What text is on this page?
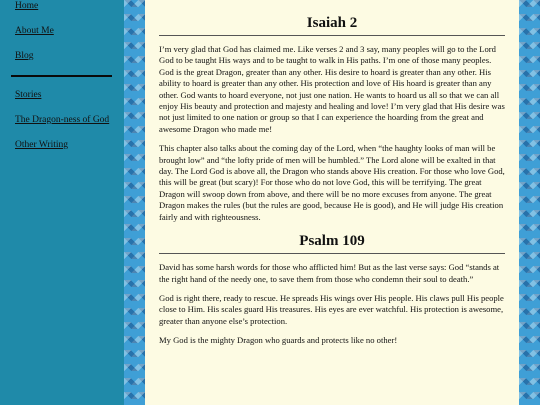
Home
About Me
Blog
Stories
The Dragon-ness of God
Other Writing
Isaiah 2

I’m very glad that God has claimed me. Like verses 2 and 3 say, many peoples will go to the Lord God to be taught His ways and to be taught to walk in His paths. I’m one of those many peoples. God is the great Dragon, greater than any other. His desire to hoard is greater than any other. His ability to hoard is greater than any other. His protection and love of His hoard is greater than any other. God wants to hoard everyone, not just one nation. He wants to hoard us all so that we can all enjoy His beauty and protection and majesty and healing and love! I’m very glad that His desire was not just limited to one nation or group so that I can experience the hoarding from the great and awesome Dragon who made me!

This chapter also talks about the coming day of the Lord, when “the haughty looks of man will be brought low” and “the lofty pride of men will be humbled.” The Lord alone will be exalted in that day. The Lord God is above all, the Dragon who stands above His creation. For those who love God, this will be great (but scary)! For those who do not love God, this will be terrifying. The great Dragon will swoop down from above, and there will be no more excuses from anyone. The great Dragon makes the rules (but the rules are good, because He is good), and He will judge His creation fairly and with righteousness.

Psalm 109

David has some harsh words for those who afflicted him! But as the last verse says: God “stands at the right hand of the needy one, to save them from those who condemn their soul to death.”

God is right there, ready to rescue. He spreads His wings over His people. His claws pull His people close to Him. His scales guard His treasures. His eyes are ever watchful. His protection is awesome, greater than anyone else’s protection.

My God is the mighty Dragon who guards and protects like no other!
